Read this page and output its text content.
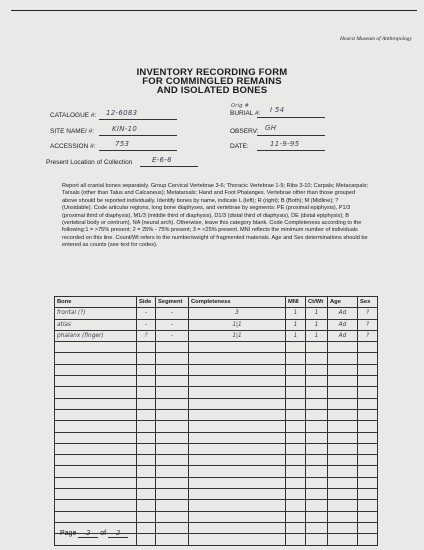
Hearst Museum of Anthropology
INVENTORY RECORDING FORM
FOR COMMINGLED REMAINS
AND ISOLATED BONES
CATALOGUE #: 12-6083
Orig #
BURIAL #: I 54
SITE NAME/ #:	KIN-10	OBSERV: GH
ACCESSION #:	753	DATE:	11-9-95
Present Location of Collection	E-6-6
Report all cranial bones separately. Group Cervical Vertebrae 3-6; Thoracic Vertebrae 1-9; Ribs 3-10; Carpals; Metacarpals; Tarsals (other than Talus and Calcaneus); Metatarsals; Hand and Foot Phalanges. Vertebrae other than those grouped above should be reported individually. Identify bones by name, indicate L (left); R (right); B (Both); M (Midline); ? (Unsidable). Code articular regions, long bone diaphyses, and vertebrae by segments: PE (proximal epiphysis), P1/3 (proximal third of diaphysis), M1/3 (middle third of diaphysis), D1/3 (distal third of diaphysis), DE (distal epiphysis); B (vertebral body or centrum), NA (neural arch). Otherwise, leave this category blank. Code Completeness according to the following:1 = >75% present; 2 = 25% - 75% present; 3 = <25% present. MNI reflects the minimum number of individuals recorded on this line. Count/Wt refers to the number/weight of fragmented materials. Age and Sex determinations should be entered as counts (see text for codes).
Bone	Side	Segment	Completeness	MNI	Ct/Wt	Age	Sex
frontal (?)	-	-	3	1	1	Ad	?
atlas	-	-	1|1	1	1	Ad	?
phalanx (finger)	?	-	1|1	1	1	Ad	?

Page 2 of 2
